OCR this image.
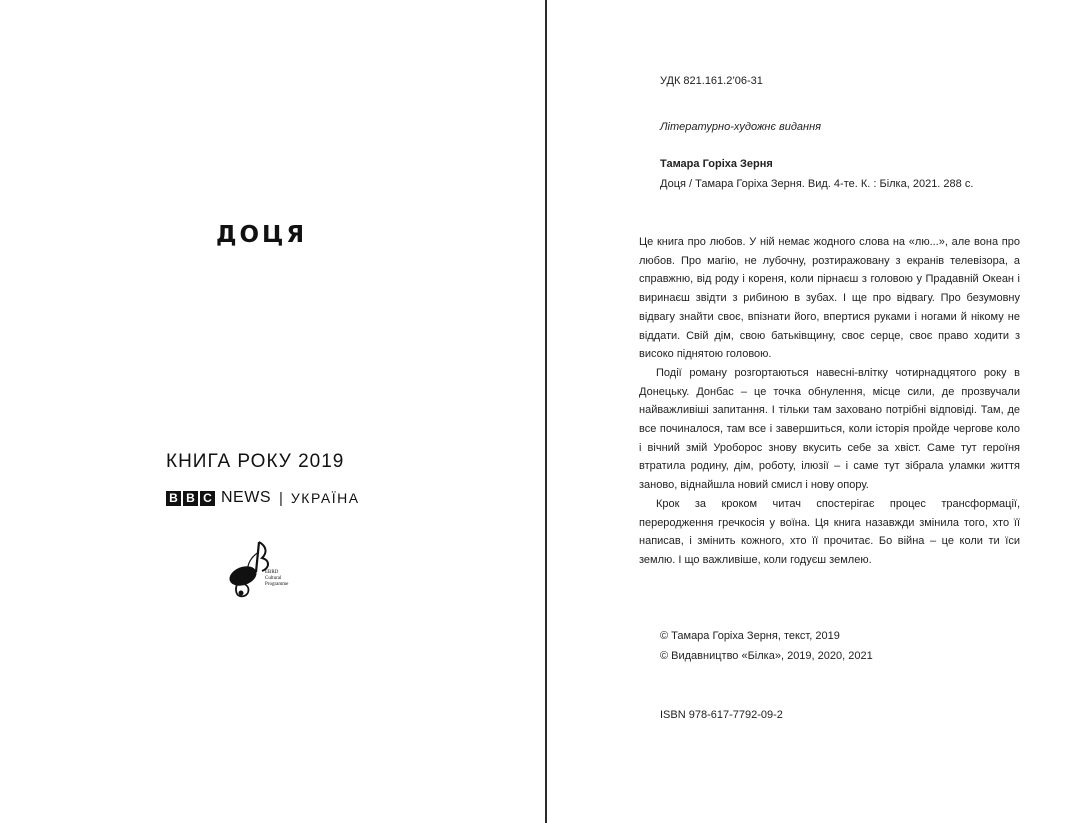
ДОЦЯ
КНИГА РОКУ 2019
B B C NEWS | УКРАЇНА
EBRD
Cultural
Programme
УДК 821.161.2’06-31
Літературно-художнє видання
Тамара Горіха Зерня
Доця / Тамара Горіха Зерня. Вид. 4-те. К. : Білка, 2021. 288 с.

Це книга про любов. У ній немає жодного слова на «лю...», але вона про любов. Про магію, не лубочну, розтиражовану з екранів телевізора, а справжню, від роду і кореня, коли пірнаєш з головою у Прадавній Океан і виринаєш звідти з рибиною в зубах. І ще про відвагу. Про безумовну відвагу знайти своє, впізнати його, впертися руками і ногами й нікому не віддати. Свій дім, свою батьківщину, своє серце, своє право ходити з високо піднятою головою.

Події роману розгортаються навесні-влітку чотирнадцятого року в Донецьку. Донбас – це точка обнулення, місце сили, де прозвучали найважливіші запитання. І тільки там заховано потрібні відповіді. Там, де все починалося, там все і завершиться, коли історія пройде чергове коло і вічний змій Уроборос знову вкусить себе за хвіст. Саме тут героїня втратила родину, дім, роботу, ілюзії – і саме тут зібрала уламки життя заново, віднайшла новий смисл і нову опору.

Крок за кроком читач спостерігає процес трансформації, переродження гречкосія у воїна. Ця книга назавжди змінила того, хто її написав, і змінить кожного, хто її прочитає. Бо війна – це коли ти їси землю. І що важливіше, коли годуєш землею.

© Тамара Горіха Зерня, текст, 2019
© Видавництво «Білка», 2019, 2020, 2021
ISBN 978-617-7792-09-2
